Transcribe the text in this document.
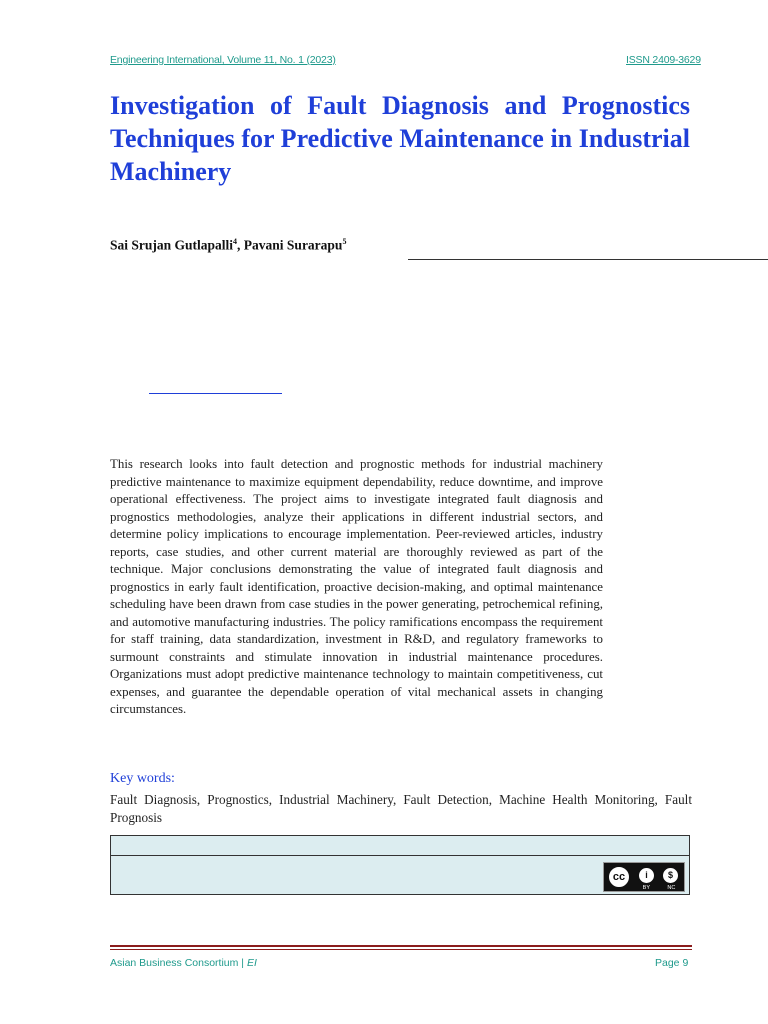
Engineering International, Volume 11, No. 1 (2023)	ISSN 2409-3629
Investigation of Fault Diagnosis and Prognostics Techniques for Predictive Maintenance in Industrial Machinery
Sai Srujan Gutlapalli$^4$, Pavani Surarapu$^5$

This research looks into fault detection and prognostic methods for industrial machinery predictive maintenance to maximize equipment dependability, reduce downtime, and improve operational effectiveness. The project aims to investigate integrated fault diagnosis and prognostics methodologies, analyze their applications in different industrial sectors, and determine policy implications to encourage implementation. Peer-reviewed articles, industry reports, case studies, and other current material are thoroughly reviewed as part of the technique. Major conclusions demonstrating the value of integrated fault diagnosis and prognostics in early fault identification, proactive decision-making, and optimal maintenance scheduling have been drawn from case studies in the power generating, petrochemical refining, and automotive manufacturing industries. The policy ramifications encompass the requirement for staff training, data standardization, investment in R&D, and regulatory frameworks to surmount constraints and stimulate innovation in industrial maintenance procedures. Organizations must adopt predictive maintenance technology to maintain competitiveness, cut expenses, and guarantee the dependable operation of vital mechanical assets in changing circumstances.

Key words:

Fault Diagnosis, Prognostics, Industrial Machinery, Fault Detection, Machine Health Monitoring, Fault Prognosis

cc	i	$
BY	NC
Asian Business Consortium | EI	Page 9
